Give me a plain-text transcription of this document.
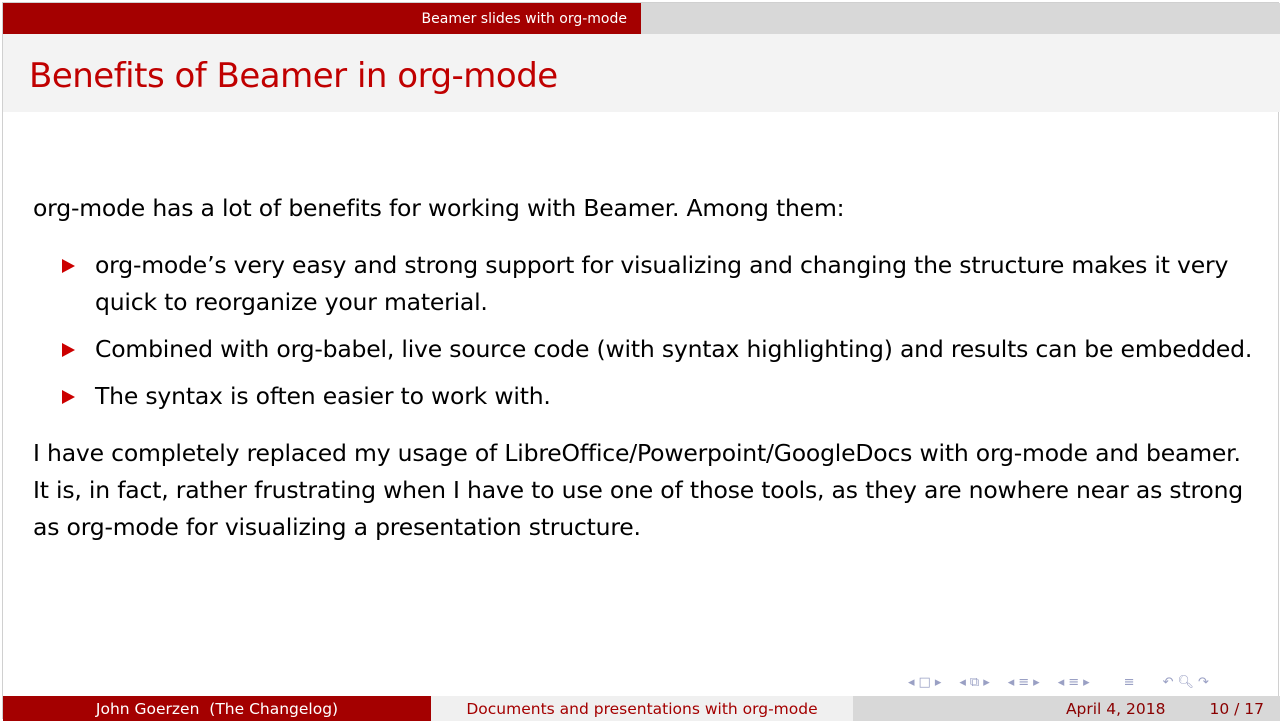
Beamer slides with org-mode
Benefits of Beamer in org-mode

org-mode has a lot of benefits for working with Beamer. Among them:

org-mode’s very easy and strong support for visualizing and changing the structure makes it very quick to reorganize your material.
Combined with org-babel, live source code (with syntax highlighting) and results can be embedded.
The syntax is often easier to work with.

I have completely replaced my usage of LibreOffice/Powerpoint/GoogleDocs with org-mode and beamer. It is, in fact, rather frustrating when I have to use one of those tools, as they are nowhere near as strong as org-mode for visualizing a presentation structure.

◂ □ ▸ ◂ ⧉ ▸ ◂ ≡ ▸ ◂ ≡ ▸	≡ ↶ 🔍︎ ↷
John Goerzen  (The Changelog)	Documents and presentations with org-mode	April 4, 2018	10 / 17
